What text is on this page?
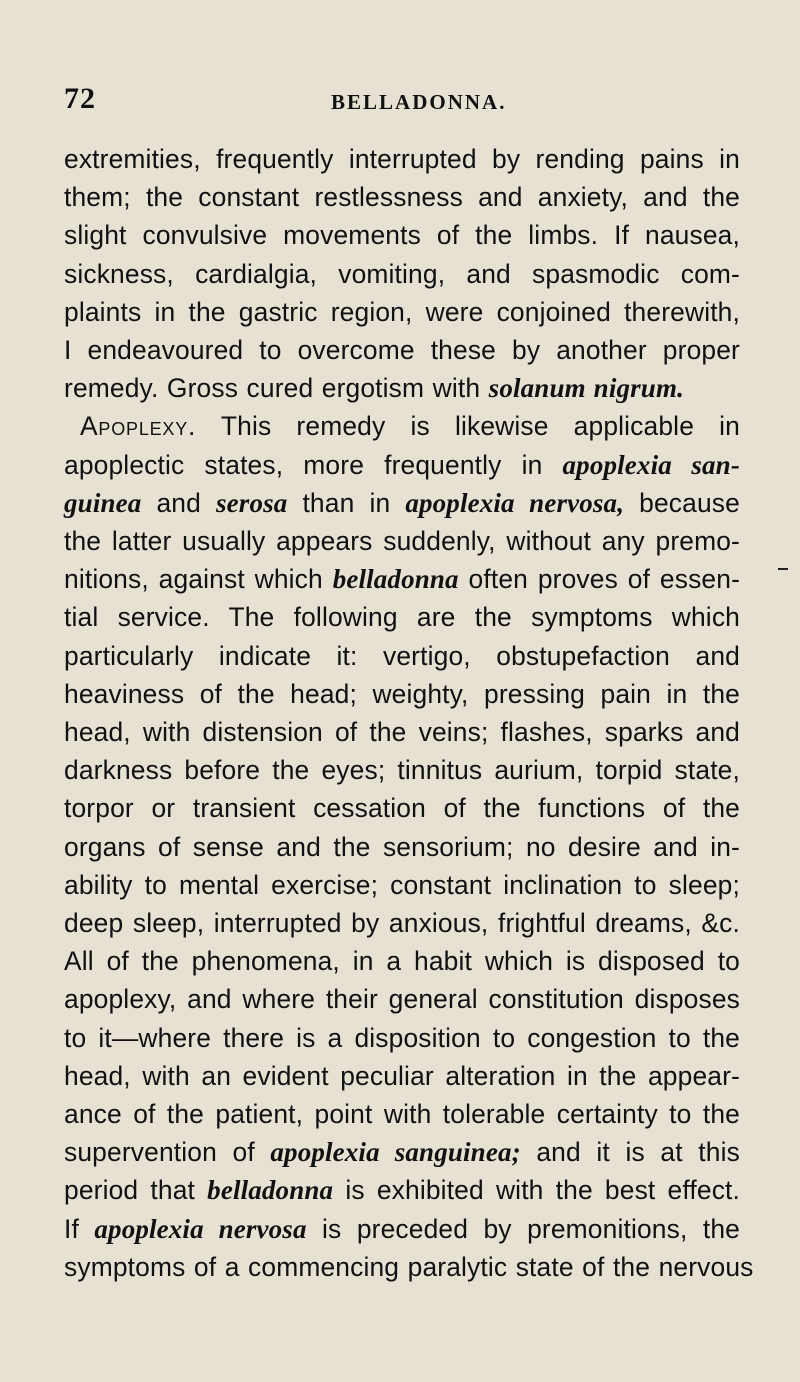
72	BELLADONNA.
extremities, frequently interrupted by rending pains in
them; the constant restlessness and anxiety, and the
slight convulsive movements of the limbs. If nausea,
sickness, cardialgia, vomiting, and spasmodic com-
plaints in the gastric region, were conjoined therewith,
I endeavoured to overcome these by another proper
remedy. Gross cured ergotism with solanum nigrum.
Apoplexy. This remedy is likewise applicable in
apoplectic states, more frequently in apoplexia san-
guinea and serosa than in apoplexia nervosa, because
the latter usually appears suddenly, without any premo-
nitions, against which belladonna often proves of essen-
tial service. The following are the symptoms which
particularly indicate it: vertigo, obstupefaction and
heaviness of the head; weighty, pressing pain in the
head, with distension of the veins; flashes, sparks and
darkness before the eyes; tinnitus aurium, torpid state,
torpor or transient cessation of the functions of the
organs of sense and the sensorium; no desire and in-
ability to mental exercise; constant inclination to sleep;
deep sleep, interrupted by anxious, frightful dreams, &c.
All of the phenomena, in a habit which is disposed to
apoplexy, and where their general constitution disposes
to it—where there is a disposition to congestion to the
head, with an evident peculiar alteration in the appear-
ance of the patient, point with tolerable certainty to the
supervention of apoplexia sanguinea; and it is at this
period that belladonna is exhibited with the best effect.
If apoplexia nervosa is preceded by premonitions, the
symptoms of a commencing paralytic state of the nervous
